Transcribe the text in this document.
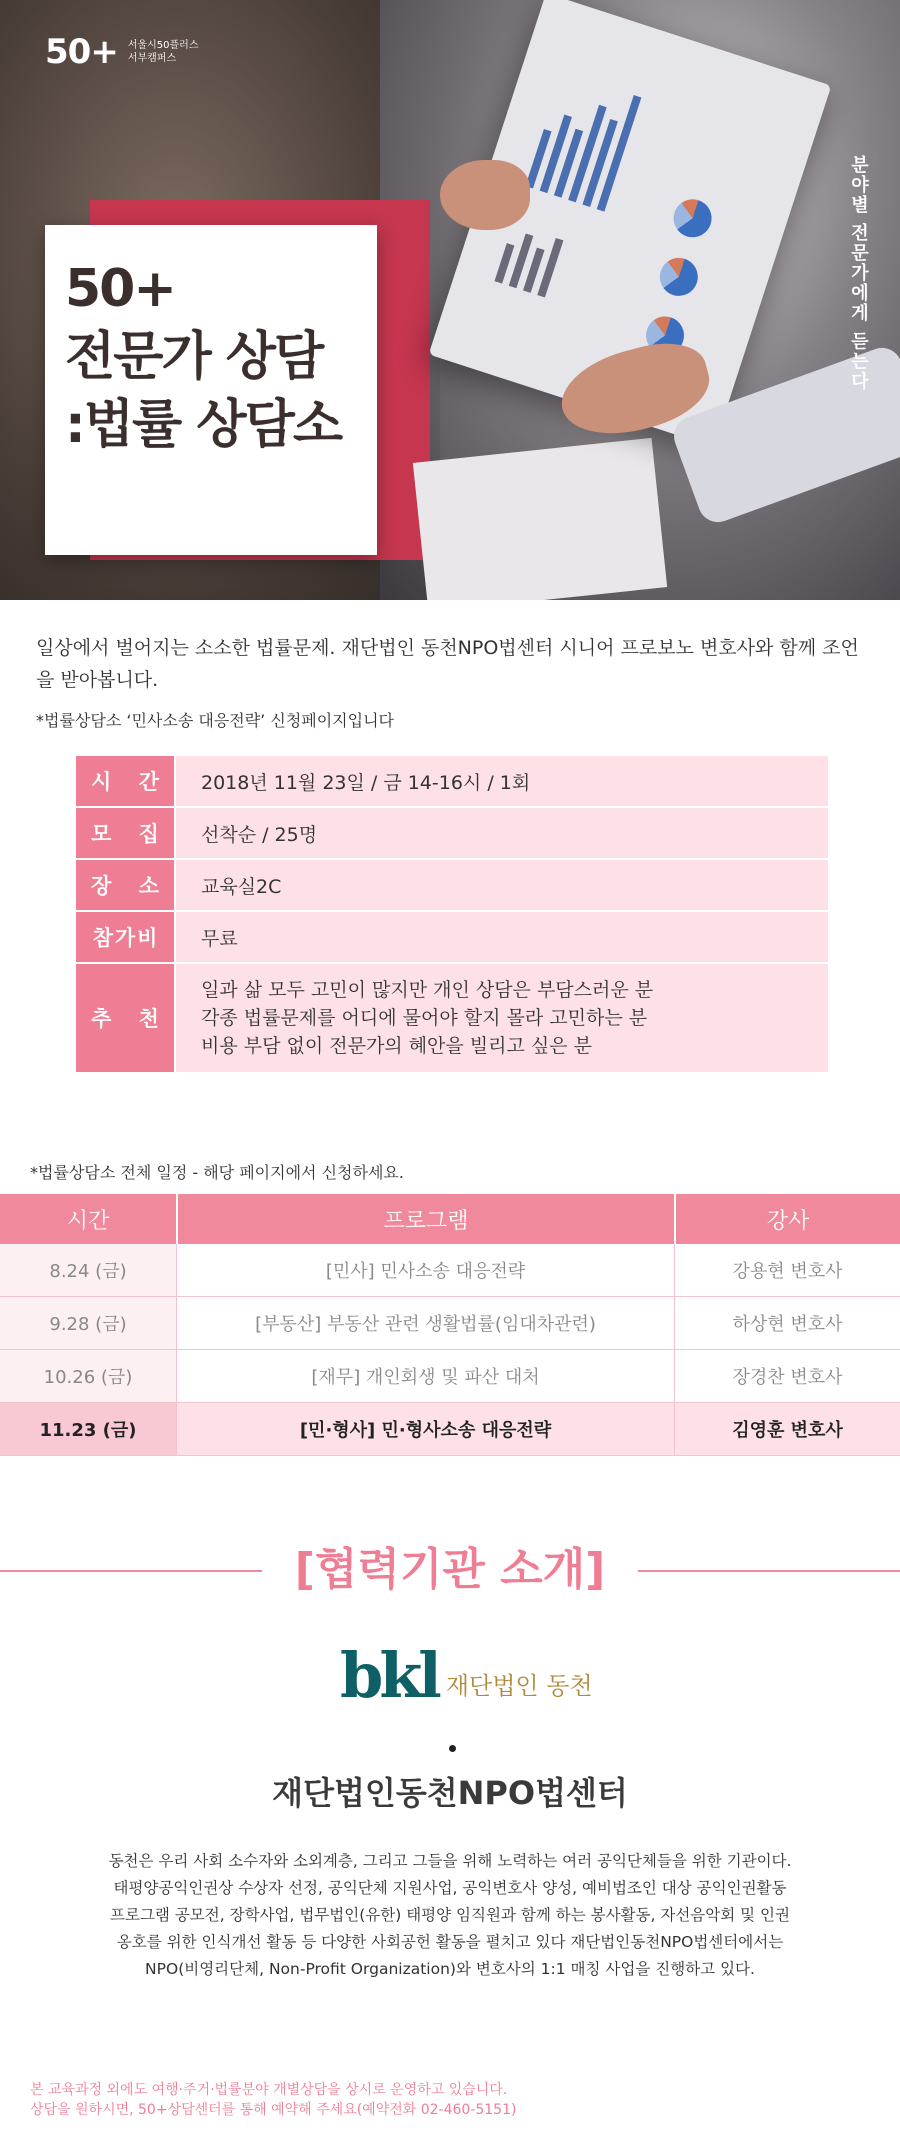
50+ 서울시50플러스
서부캠퍼스
50+
전문가 상담
:법률 상담소
분야별 전문가에게 듣는다

일상에서 벌어지는 소소한 법률문제. 재단법인 동천NPO법센터 시니어 프로보노 변호사와 함께 조언을 받아봅니다.

*법률상담소 ‘민사소송 대응전략’ 신청페이지입니다

시 간	2018년 11월 23일 / 금 14-16시 / 1회
모 집	선착순 / 25명
장 소	교육실2C
참가비	무료
추 천
일과 삶 모두 고민이 많지만 개인 상담은 부담스러운 분
각종 법률문제를 어디에 물어야 할지 몰라 고민하는 분
비용 부담 없이 전문가의 혜안을 빌리고 싶은 분

*법률상담소 전체 일정 - 해당 페이지에서 신청하세요.

시간	프로그램	강사
8.24 (금)	[민사] 민사소송 대응전략	강용현 변호사
9.28 (금)	[부동산] 부동산 관련 생활법률(임대차관련)	하상현 변호사
10.26 (금)	[재무] 개인회생 및 파산 대처	장경찬 변호사
11.23 (금)	[민·형사] 민·형사소송 대응전략	김영훈 변호사
[협력기관 소개]
bkl 재단법인 동천
재단법인동천NPO법센터
동천은 우리 사회 소수자와 소외계층, 그리고 그들을 위해 노력하는 여러 공익단체들을 위한 기관이다.
태평양공익인권상 수상자 선정, 공익단체 지원사업, 공익변호사 양성, 예비법조인 대상 공익인권활동
프로그램 공모전, 장학사업, 법무법인(유한) 태평양 임직원과 함께 하는 봉사활동, 자선음악회 및 인권
옹호를 위한 인식개선 활동 등 다양한 사회공헌 활동을 펼치고 있다 재단법인동천NPO법센터에서는
NPO(비영리단체, Non-Profit Organization)와 변호사의 1:1 매칭 사업을 진행하고 있다.
본 교육과정 외에도 여행·주거·법률분야 개별상담을 상시로 운영하고 있습니다.
상담을 원하시면, 50+상담센터를 통해 예약해 주세요(예약전화 02-460-5151)
